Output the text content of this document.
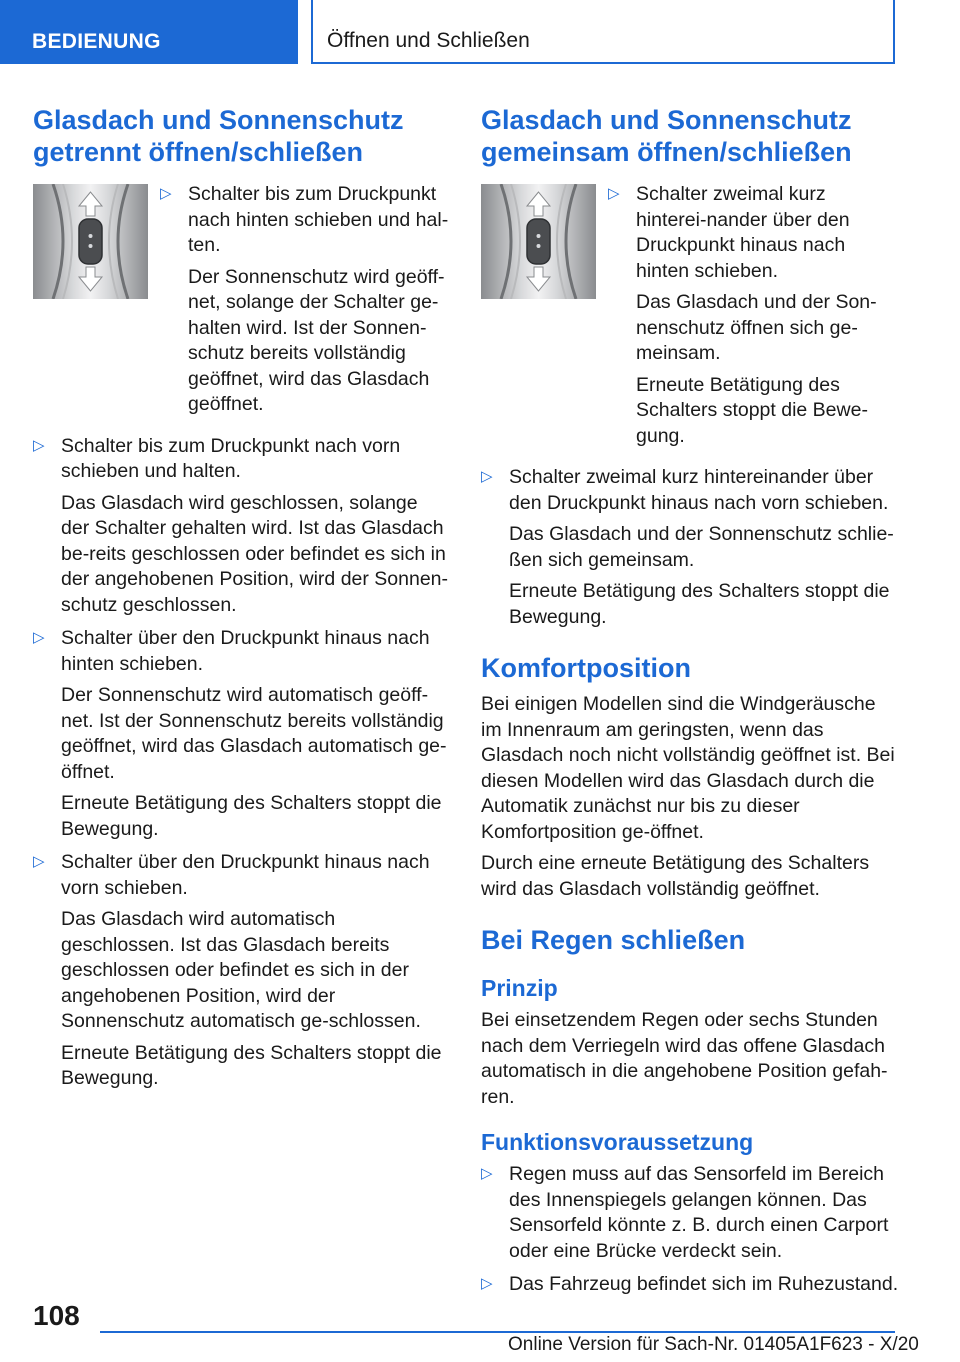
BEDIENUNG	Öffnen und Schließen
Glasdach und Sonnenschutz
getrennt öffnen/schließen
▷ Schalter bis zum Druckpunkt nach hinten schieben und hal-ten.

Der Sonnenschutz wird geöff-net, solange der Schalter ge-halten wird. Ist der Sonnen-schutz bereits vollständig geöffnet, wird das Glasdach geöffnet.

▷ Schalter bis zum Druckpunkt nach vorn schieben und halten.

Das Glasdach wird geschlossen, solange der Schalter gehalten wird. Ist das Glasdach be-reits geschlossen oder befindet es sich in der angehobenen Position, wird der Sonnen-schutz geschlossen.

▷ Schalter über den Druckpunkt hinaus nach hinten schieben.

Der Sonnenschutz wird automatisch geöff-net. Ist der Sonnenschutz bereits vollständig geöffnet, wird das Glasdach automatisch ge-öffnet.

Erneute Betätigung des Schalters stoppt die Bewegung.

▷ Schalter über den Druckpunkt hinaus nach vorn schieben.

Das Glasdach wird automatisch geschlossen. Ist das Glasdach bereits geschlossen oder befindet es sich in der angehobenen Position, wird der Sonnenschutz automatisch ge-schlossen.

Erneute Betätigung des Schalters stoppt die Bewegung.

Glasdach und Sonnenschutz
gemeinsam öffnen/schließen
▷ Schalter zweimal kurz hinterei-nander über den Druckpunkt hinaus nach hinten schieben.

Das Glasdach und der Son-nenschutz öffnen sich ge-meinsam.

Erneute Betätigung des Schalters stoppt die Bewe-gung.

▷ Schalter zweimal kurz hintereinander über den Druckpunkt hinaus nach vorn schieben.

Das Glasdach und der Sonnenschutz schlie-ßen sich gemeinsam.

Erneute Betätigung des Schalters stoppt die Bewegung.

Komfortposition

Bei einigen Modellen sind die Windgeräusche im Innenraum am geringsten, wenn das Glasdach noch nicht vollständig geöffnet ist. Bei diesen Modellen wird das Glasdach durch die Automatik zunächst nur bis zu dieser Komfortposition ge-öffnet.

Durch eine erneute Betätigung des Schalters wird das Glasdach vollständig geöffnet.

Bei Regen schließen
Prinzip

Bei einsetzendem Regen oder sechs Stunden nach dem Verriegeln wird das offene Glasdach automatisch in die angehobene Position gefah-ren.

Funktionsvoraussetzung
▷ Regen muss auf das Sensorfeld im Bereich des Innenspiegels gelangen können. Das Sensorfeld könnte z. B. durch einen Carport oder eine Brücke verdeckt sein.

▷ Das Fahrzeug befindet sich im Ruhezustand.

108
Online Version für Sach-Nr. 01405A1F623 - X/20
